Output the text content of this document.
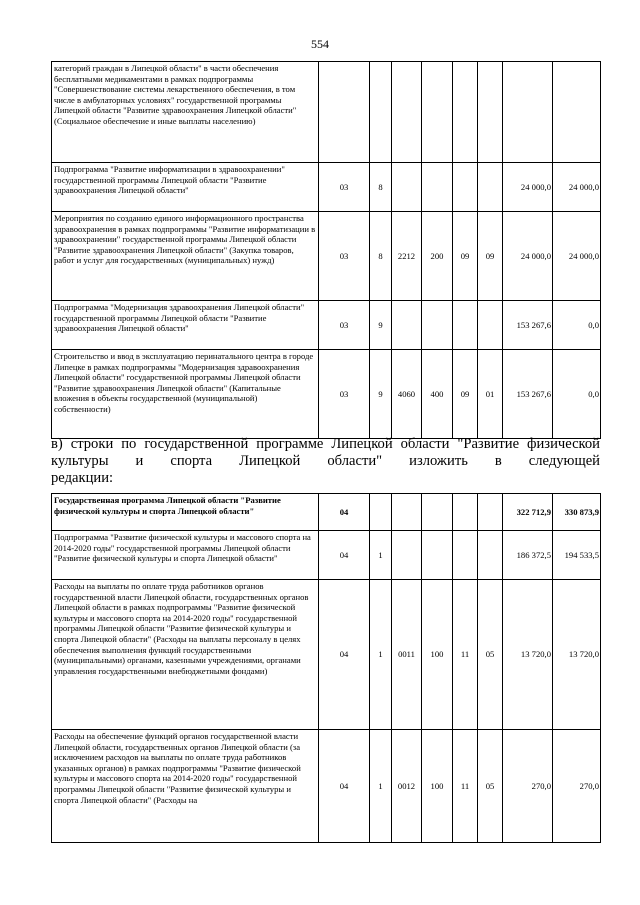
554
категорий граждан в Липецкой области" в части обеспечения бесплатными медикаментами в рамках подпрограммы "Совершенствование системы лекарственного обеспечения, в том числе в амбулаторных условиях" государственной программы Липецкой области "Развитие здравоохранения Липецкой области" (Социальное обеспечение и иные выплаты населению)								
Подпрограмма "Развитие информатизации в здравоохранении" государственной программы Липецкой области "Развитие здравоохранения Липецкой области"	03	8					24 000,0	24 000,0
Мероприятия по созданию единого информационного пространства здравоохранения в рамках подпрограммы "Развитие информатизации в здравоохранении" государственной программы Липецкой области "Развитие здравоохранения Липецкой области" (Закупка товаров, работ и услуг для государственных (муниципальных) нужд)	03	8	2212	200	09	09	24 000,0	24 000,0
Подпрограмма "Модернизация здравоохранения Липецкой области" государственной программы Липецкой области "Развитие здравоохранения Липецкой области"	03	9					153 267,6	0,0
Строительство и ввод в эксплуатацию перинатального центра в городе Липецке в рамках подпрограммы "Модернизация здравоохранения Липецкой области" государственной программы Липецкой области "Развитие здравоохранения Липецкой области" (Капитальные вложения в объекты государственной (муниципальной) собственности)	03	9	4060	400	09	01	153 267,6	0,0
в) строки по государственной программе Липецкой области "Развитие физической культуры и спорта Липецкой области" изложить в следующей
редакции:
Государственная программа Липецкой области "Развитие физической культуры и спорта Липецкой области"	04						322 712,9	330 873,9
Подпрограмма "Развитие физической культуры и массового спорта на 2014-2020 годы" государственной программы Липецкой области "Развитие физической культуры и спорта Липецкой области"	04	1					186 372,5	194 533,5
Расходы на выплаты по оплате труда работников органов государственной власти Липецкой области, государственных органов Липецкой области в рамках подпрограммы "Развитие физической культуры и массового спорта на 2014-2020 годы" государственной программы Липецкой области "Развитие физической культуры и спорта Липецкой области" (Расходы на выплаты персоналу в целях обеспечения выполнения функций государственными (муниципальными) органами, казенными учреждениями, органами управления государственными внебюджетными фондами)	04	1	0011	100	11	05	13 720,0	13 720,0
Расходы на обеспечение функций органов государственной власти Липецкой области, государственных органов Липецкой области (за исключением расходов на выплаты по оплате труда работников указанных органов) в рамках подпрограммы "Развитие физической культуры и массового спорта на 2014-2020 годы" государственной программы Липецкой области "Развитие физической культуры и спорта Липецкой области" (Расходы на	04	1	0012	100	11	05	270,0	270,0
